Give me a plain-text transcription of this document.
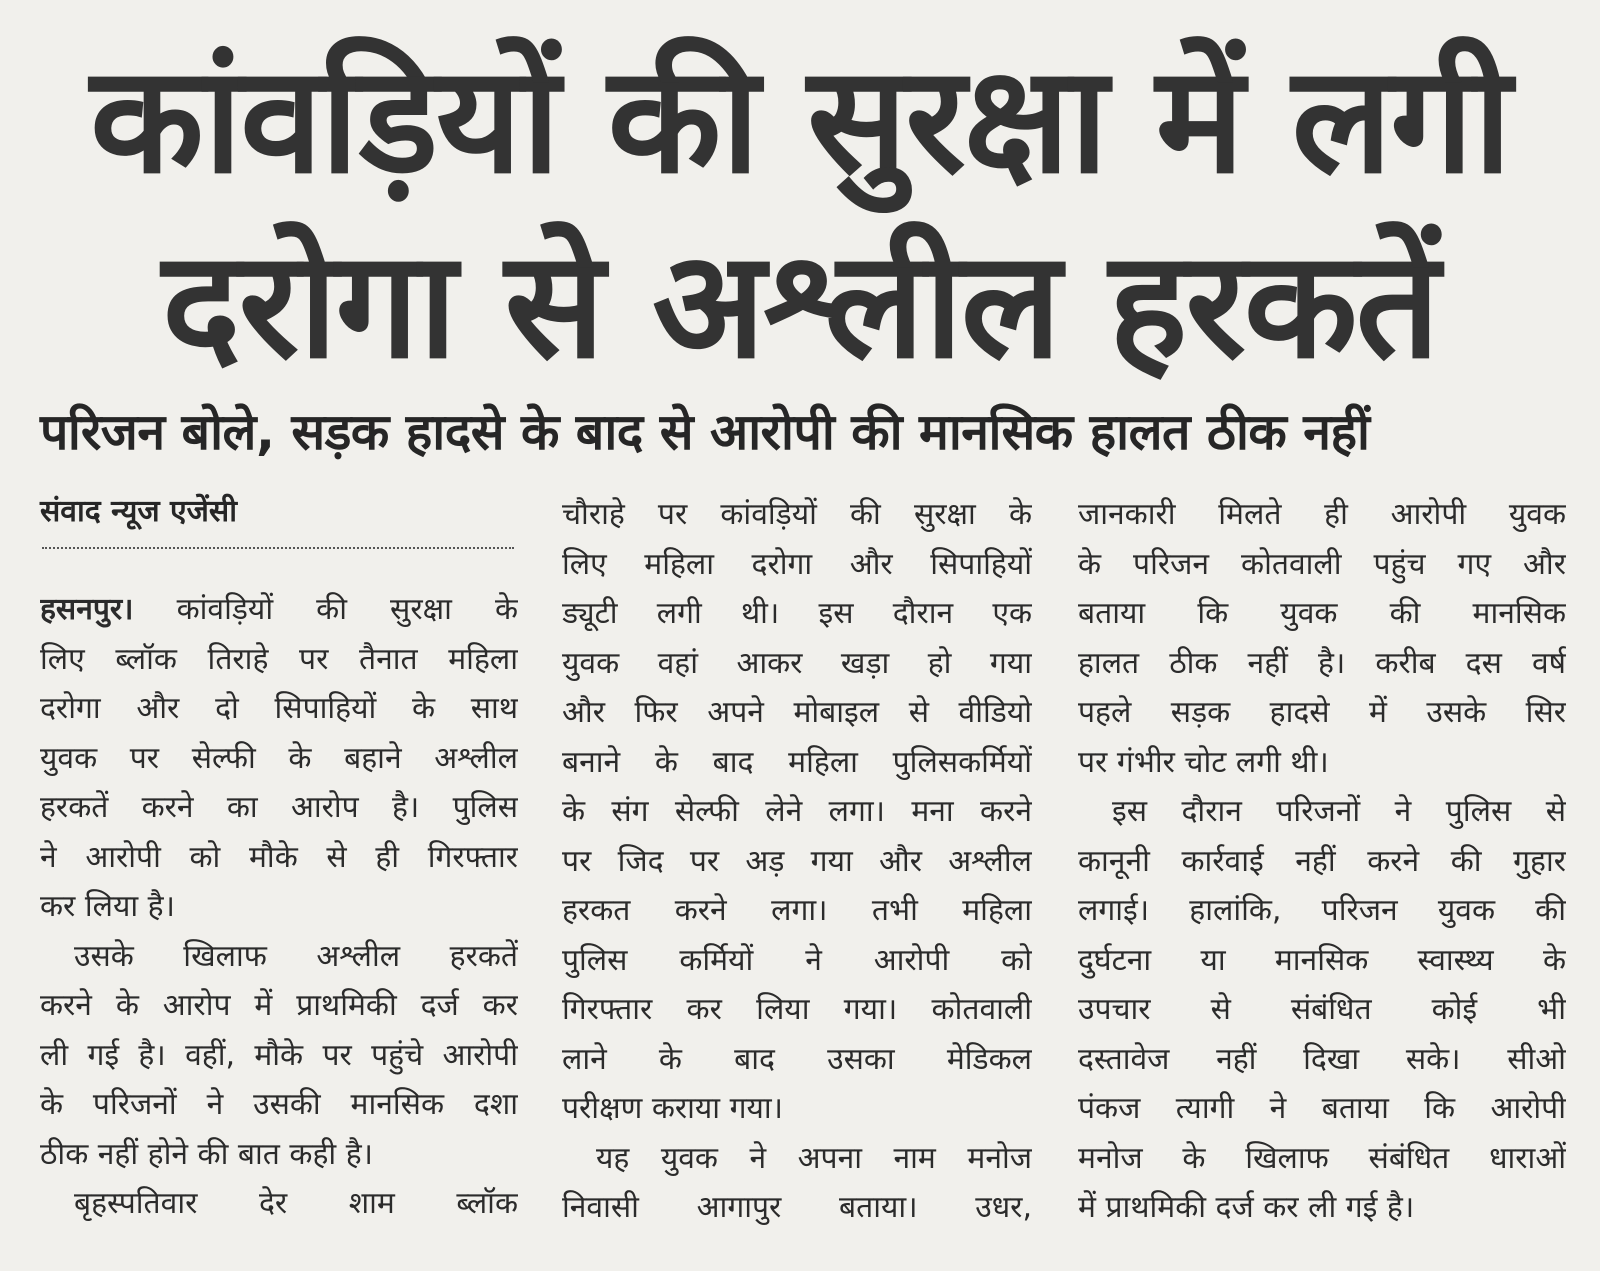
कांवड़ियों की सुरक्षा में लगी
दरोगा से अश्लील हरकतें
परिजन बोले, सड़क हादसे के बाद से आरोपी की मानसिक हालत ठीक नहीं
संवाद न्यूज एजेंसी
हसनपुर। कांवड़ियों की सुरक्षा के
लिए ब्लॉक तिराहे पर तैनात महिला
दरोगा और दो सिपाहियों के साथ
युवक पर सेल्फी के बहाने अश्लील
हरकतें करने का आरोप है। पुलिस
ने आरोपी को मौके से ही गिरफ्तार
कर लिया है।
उसके खिलाफ अश्लील हरकतें
करने के आरोप में प्राथमिकी दर्ज कर
ली गई है। वहीं, मौके पर पहुंचे आरोपी
के परिजनों ने उसकी मानसिक दशा
ठीक नहीं होने की बात कही है।
बृहस्पतिवार देर शाम ब्लॉक
चौराहे पर कांवड़ियों की सुरक्षा के
लिए महिला दरोगा और सिपाहियों
ड्यूटी लगी थी। इस दौरान एक
युवक वहां आकर खड़ा हो गया
और फिर अपने मोबाइल से वीडियो
बनाने के बाद महिला पुलिसकर्मियों
के संग सेल्फी लेने लगा। मना करने
पर जिद पर अड़ गया और अश्लील
हरकत करने लगा। तभी महिला
पुलिस कर्मियों ने आरोपी को
गिरफ्तार कर लिया गया। कोतवाली
लाने के बाद उसका मेडिकल
परीक्षण कराया गया।
यह युवक ने अपना नाम मनोज
निवासी आगापुर बताया। उधर,
जानकारी मिलते ही आरोपी युवक
के परिजन कोतवाली पहुंच गए और
बताया कि युवक की मानसिक
हालत ठीक नहीं है। करीब दस वर्ष
पहले सड़क हादसे में उसके सिर
पर गंभीर चोट लगी थी।
इस दौरान परिजनों ने पुलिस से
कानूनी कार्रवाई नहीं करने की गुहार
लगाई। हालांकि, परिजन युवक की
दुर्घटना या मानसिक स्वास्थ्य के
उपचार से संबंधित कोई भी
दस्तावेज नहीं दिखा सके। सीओ
पंकज त्यागी ने बताया कि आरोपी
मनोज के खिलाफ संबंधित धाराओं
में प्राथमिकी दर्ज कर ली गई है।
